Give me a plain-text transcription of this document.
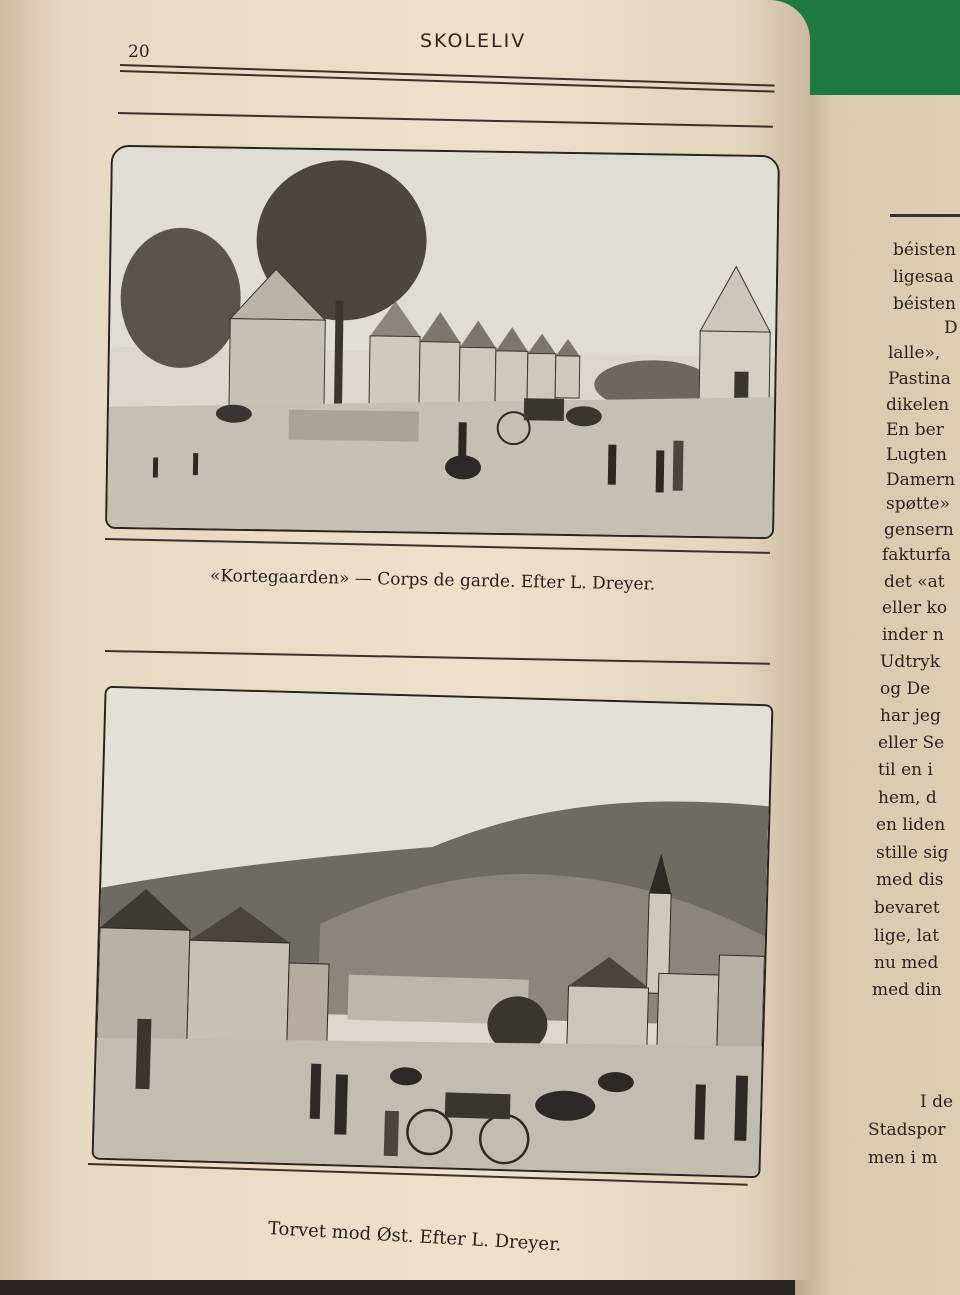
20	SKOLELIV
«Kortegaarden» — Corps de garde. Efter L. Dreyer.
Torvet mod Øst. Efter L. Dreyer.
béisten
ligesaa
béisten
D
lalle»,
Pastina
dikelen
En ber
Lugten
Damern
spøtte»
gensern
fakturfa
det «at
eller ko
inder n
Udtryk
og De
har jeg
eller Se
til en i
hem, d
en liden
stille sig
med dis
bevaret
lige, lat
nu med
med din
I de
Stadspor
men i m
